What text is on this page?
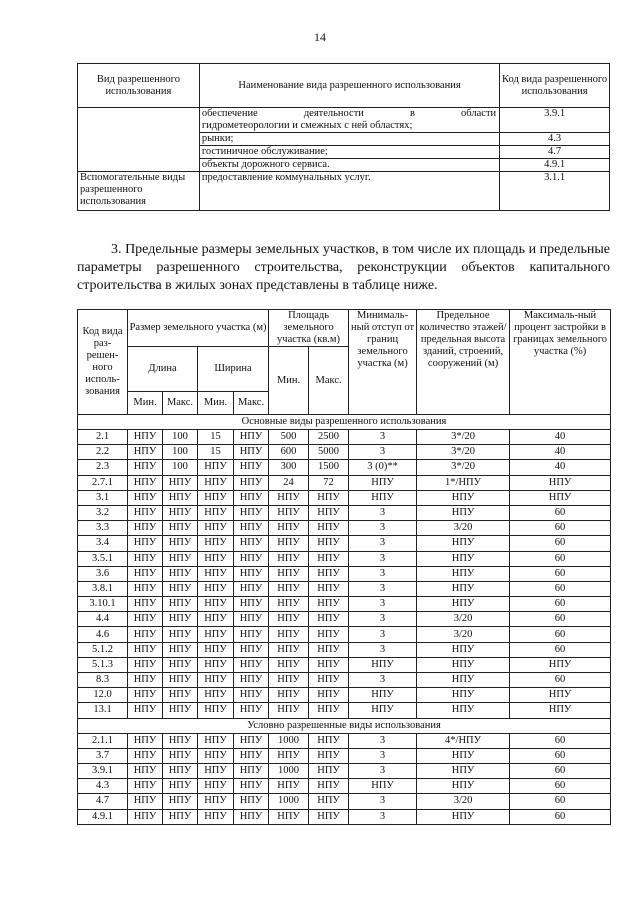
14
Вид разрешенного использования	Наименование вида разрешенного использования	Код вида разрешенного использования

	обеспечение деятельности в области
гидрометеорологии и смежных с ней областях;	3.9.1
	рынки;	4.3
	гостиничное обслуживание;	4.7
	объекты дорожного сервиса.	4.9.1
Вспомогательные виды разрешенного использования	предоставление коммунальных услуг.	3.1.1

3. Предельные размеры земельных участков, в том числе их площадь и предельные параметры разрешенного строительства, реконструкции объектов капитального строительства в жилых зонах представлены в таблице ниже.

Код вида раз-решен-ного исполь-зования	Размер земельного участка (м)				Площадь земельного участка (кв.м)		Минималь-ный отступ от границ земельного участка (м)	Предельное количество этажей/ предельная высота зданий, строений, сооружений (м)	Максималь-ный процент застройки в границах земельного участка (%)
	Длина		Ширина		Мин.	Макс.			
	Мин.	Макс.	Мин.	Макс.					
Основные виды разрешенного использования									
2.1	НПУ	100	15	НПУ	500	2500	3	3*/20	40
2.2	НПУ	100	15	НПУ	600	5000	3	3*/20	40
2.3	НПУ	100	НПУ	НПУ	300	1500	3 (0)**	3*/20	40
2.7.1	НПУ	НПУ	НПУ	НПУ	24	72	НПУ	1*/НПУ	НПУ
3.1	НПУ	НПУ	НПУ	НПУ	НПУ	НПУ	НПУ	НПУ	НПУ
3.2	НПУ	НПУ	НПУ	НПУ	НПУ	НПУ	3	НПУ	60
3.3	НПУ	НПУ	НПУ	НПУ	НПУ	НПУ	3	3/20	60
3.4	НПУ	НПУ	НПУ	НПУ	НПУ	НПУ	3	НПУ	60
3.5.1	НПУ	НПУ	НПУ	НПУ	НПУ	НПУ	3	НПУ	60
3.6	НПУ	НПУ	НПУ	НПУ	НПУ	НПУ	3	НПУ	60
3.8.1	НПУ	НПУ	НПУ	НПУ	НПУ	НПУ	3	НПУ	60
3.10.1	НПУ	НПУ	НПУ	НПУ	НПУ	НПУ	3	НПУ	60
4.4	НПУ	НПУ	НПУ	НПУ	НПУ	НПУ	3	3/20	60
4.6	НПУ	НПУ	НПУ	НПУ	НПУ	НПУ	3	3/20	60
5.1.2	НПУ	НПУ	НПУ	НПУ	НПУ	НПУ	3	НПУ	60
5.1.3	НПУ	НПУ	НПУ	НПУ	НПУ	НПУ	НПУ	НПУ	НПУ
8.3	НПУ	НПУ	НПУ	НПУ	НПУ	НПУ	3	НПУ	60
12.0	НПУ	НПУ	НПУ	НПУ	НПУ	НПУ	НПУ	НПУ	НПУ
13.1	НПУ	НПУ	НПУ	НПУ	НПУ	НПУ	НПУ	НПУ	НПУ
Условно разрешенные виды использования									
2.1.1	НПУ	НПУ	НПУ	НПУ	1000	НПУ	3	4*/НПУ	60
3.7	НПУ	НПУ	НПУ	НПУ	НПУ	НПУ	3	НПУ	60
3.9.1	НПУ	НПУ	НПУ	НПУ	1000	НПУ	3	НПУ	60
4.3	НПУ	НПУ	НПУ	НПУ	НПУ	НПУ	НПУ	НПУ	60
4.7	НПУ	НПУ	НПУ	НПУ	1000	НПУ	3	3/20	60
4.9.1	НПУ	НПУ	НПУ	НПУ	НПУ	НПУ	3	НПУ	60
